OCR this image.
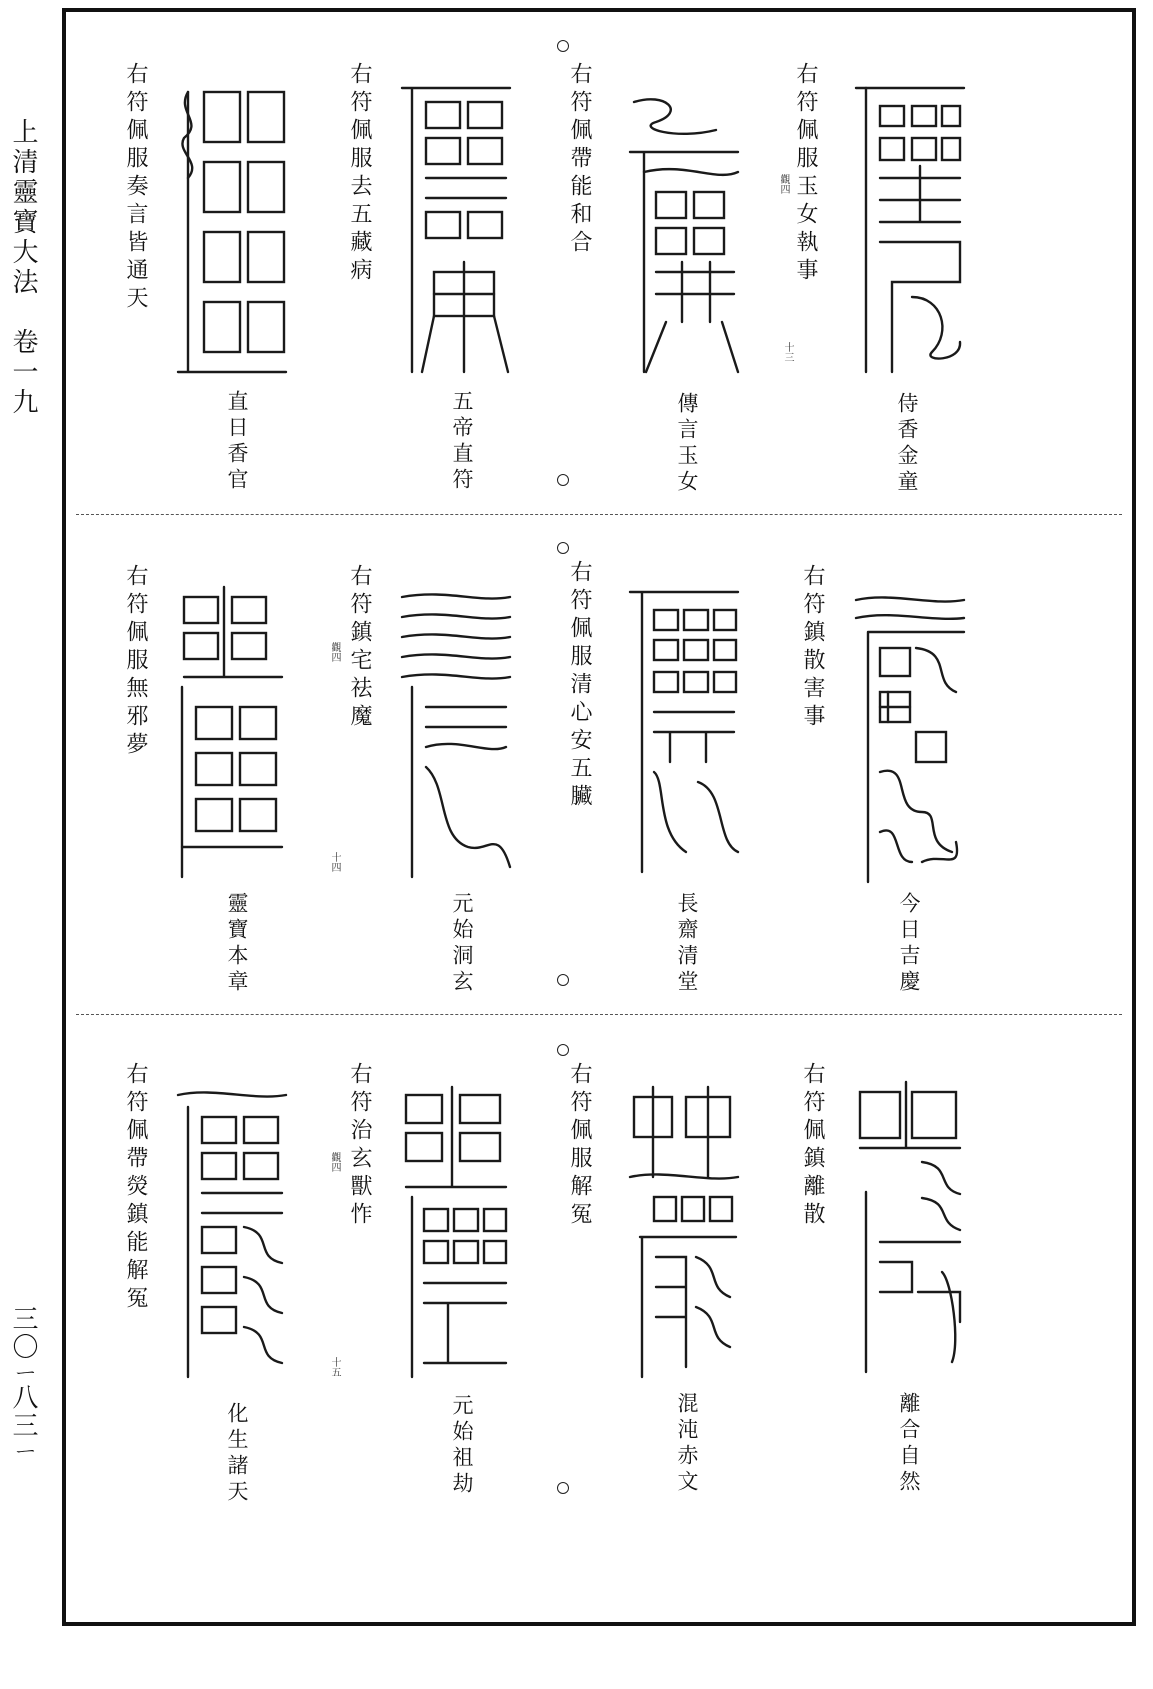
上清靈寶大法　卷一九
三〇ㄧ八三ㄧ
右符佩服玉女執事
侍香金童
觀四
右符佩帶能和合
傳言玉女
十三
右符佩服去五藏病
五帝直符
右符佩服奏言皆通天
直日香官
右符鎮散害事
今日吉慶
右符佩服清心安五臟
長齋清堂
右符鎮宅祛魔
元始洞玄
觀四
右符佩服無邪夢
靈寶本章
十四
右符佩鎮離散
離合自然
右符佩服解冤
混沌赤文
右符治玄獸怍
元始祖劫
觀四
右符佩帶熒鎮能解冤
化生諸天
十五
